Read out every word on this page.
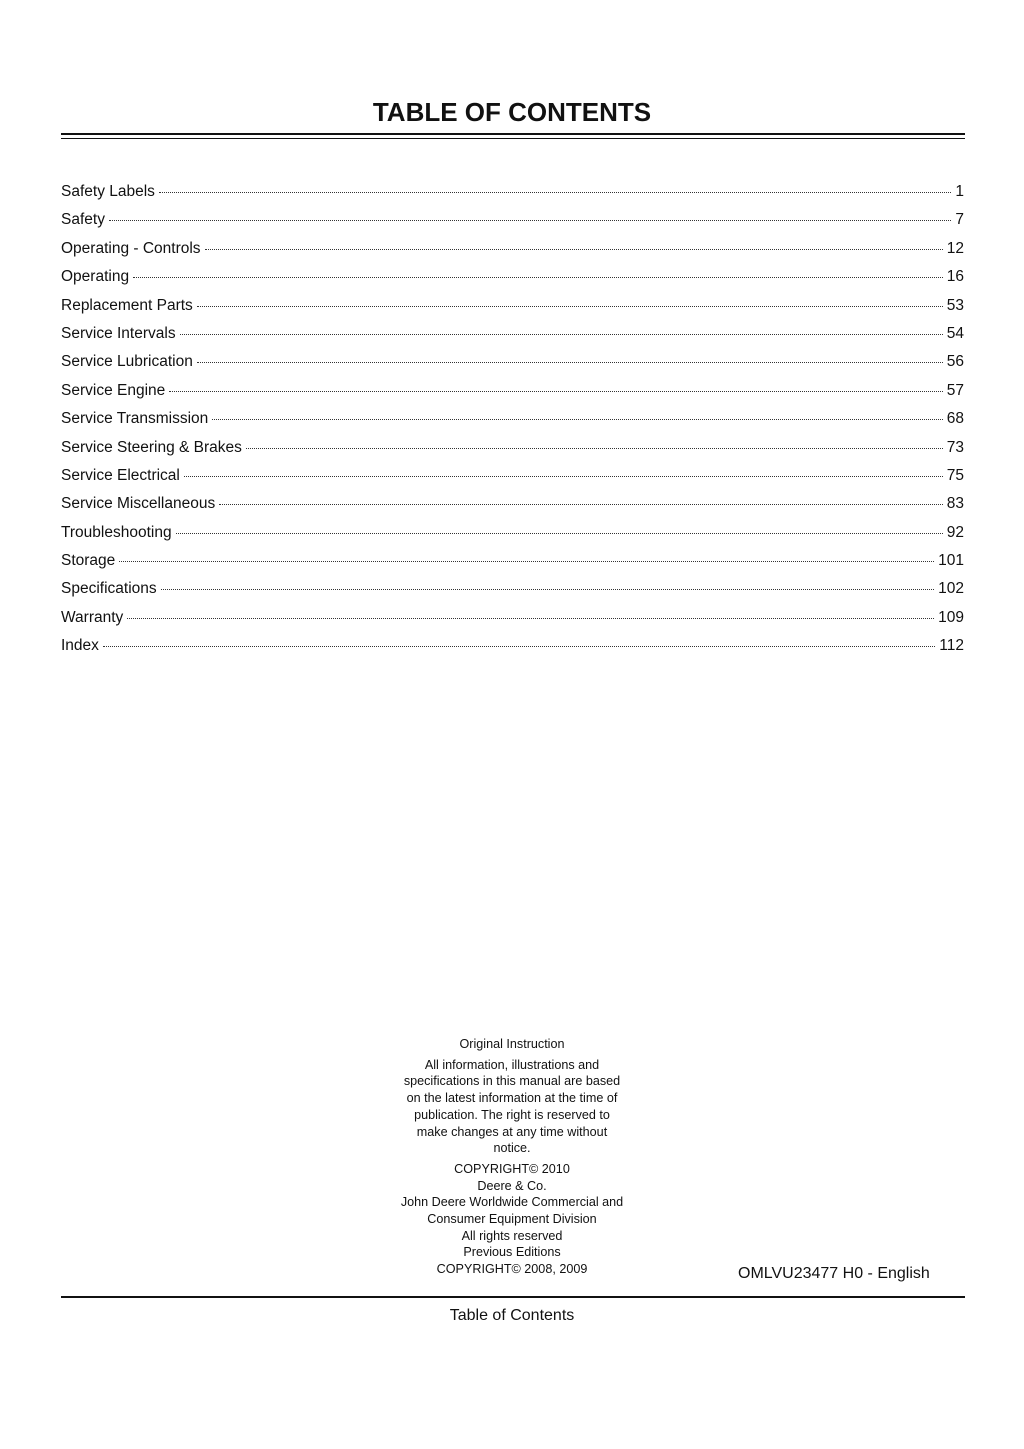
TABLE OF CONTENTS
Safety Labels	1
Safety	7
Operating - Controls	12
Operating	16
Replacement Parts	53
Service Intervals	54
Service Lubrication	56
Service Engine	57
Service Transmission	68
Service Steering & Brakes	73
Service Electrical	75
Service Miscellaneous	83
Troubleshooting	92
Storage	101
Specifications	102
Warranty	109
Index	112

Original Instruction

All information, illustrations and

specifications in this manual are based

on the latest information at the time of

publication. The right is reserved to

make changes at any time without

notice.

COPYRIGHT© 2010

Deere & Co.

John Deere Worldwide Commercial and

Consumer Equipment Division

All rights reserved

Previous Editions

COPYRIGHT© 2008, 2009	OMLVU23477 H0 - English
Table of Contents
